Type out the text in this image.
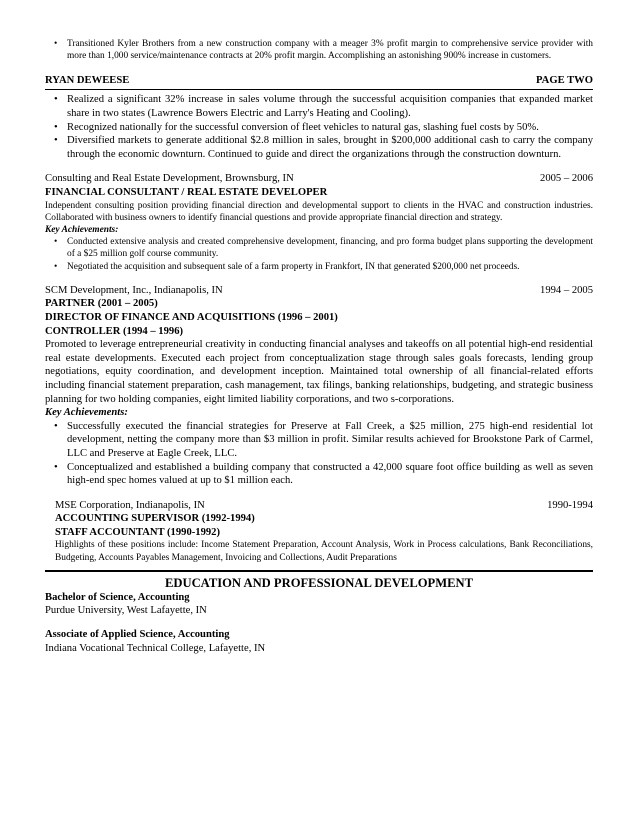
• Transitioned Kyler Brothers from a new construction company with a meager 3% profit margin to comprehensive service provider with more than 1,000 service/maintenance contracts at 20% profit margin. Accomplishing an astonishing 900% increase in customers.
RYAN DEWEESE	PAGE TWO
• Realized a significant 32% increase in sales volume through the successful acquisition companies that expanded market share in two states (Lawrence Bowers Electric and Larry's Heating and Cooling).
• Recognized nationally for the successful conversion of fleet vehicles to natural gas, slashing fuel costs by 50%.
• Diversified markets to generate additional $2.8 million in sales, brought in $200,000 additional cash to carry the company through the economic downturn. Continued to guide and direct the organizations through the construction downturn.
Consulting and Real Estate Development, Brownsburg, IN	2005 – 2006
FINANCIAL CONSULTANT / REAL ESTATE DEVELOPER
Independent consulting position providing financial direction and developmental support to clients in the HVAC and construction industries. Collaborated with business owners to identify financial questions and provide appropriate financial direction and strategy.
Key Achievements:
• Conducted extensive analysis and created comprehensive development, financing, and pro forma budget plans supporting the development of a $25 million golf course community.
• Negotiated the acquisition and subsequent sale of a farm property in Frankfort, IN that generated $200,000 net proceeds.
SCM Development, Inc., Indianapolis, IN	1994 – 2005
PARTNER (2001 – 2005)
DIRECTOR OF FINANCE AND ACQUISITIONS (1996 – 2001)
CONTROLLER (1994 – 1996)
Promoted to leverage entrepreneurial creativity in conducting financial analyses and takeoffs on all potential high-end residential real estate developments. Executed each project from conceptualization stage through sales goals forecasts, lending group negotiations, equity coordination, and development inception. Maintained total ownership of all financial-related efforts including financial statement preparation, cash management, tax filings, banking relationships, budgeting, and strategic business planning for two holding companies, eight limited liability corporations, and two s-corporations.
Key Achievements:
• Successfully executed the financial strategies for Preserve at Fall Creek, a $25 million, 275 high-end residential lot development, netting the company more than $3 million in profit. Similar results achieved for Brookstone Park of Carmel, LLC and Preserve at Eagle Creek, LLC.
• Conceptualized and established a building company that constructed a 42,000 square foot office building as well as seven high-end spec homes valued at up to $1 million each.
MSE Corporation, Indianapolis, IN	1990-1994
ACCOUNTING SUPERVISOR (1992-1994)
STAFF ACCOUNTANT (1990-1992)
Highlights of these positions include: Income Statement Preparation, Account Analysis, Work in Process calculations, Bank Reconciliations, Budgeting, Accounts Payables Management, Invoicing and Collections, Audit Preparations
EDUCATION AND PROFESSIONAL DEVELOPMENT
Bachelor of Science, Accounting
Purdue University, West Lafayette, IN
Associate of Applied Science, Accounting
Indiana Vocational Technical College, Lafayette, IN
